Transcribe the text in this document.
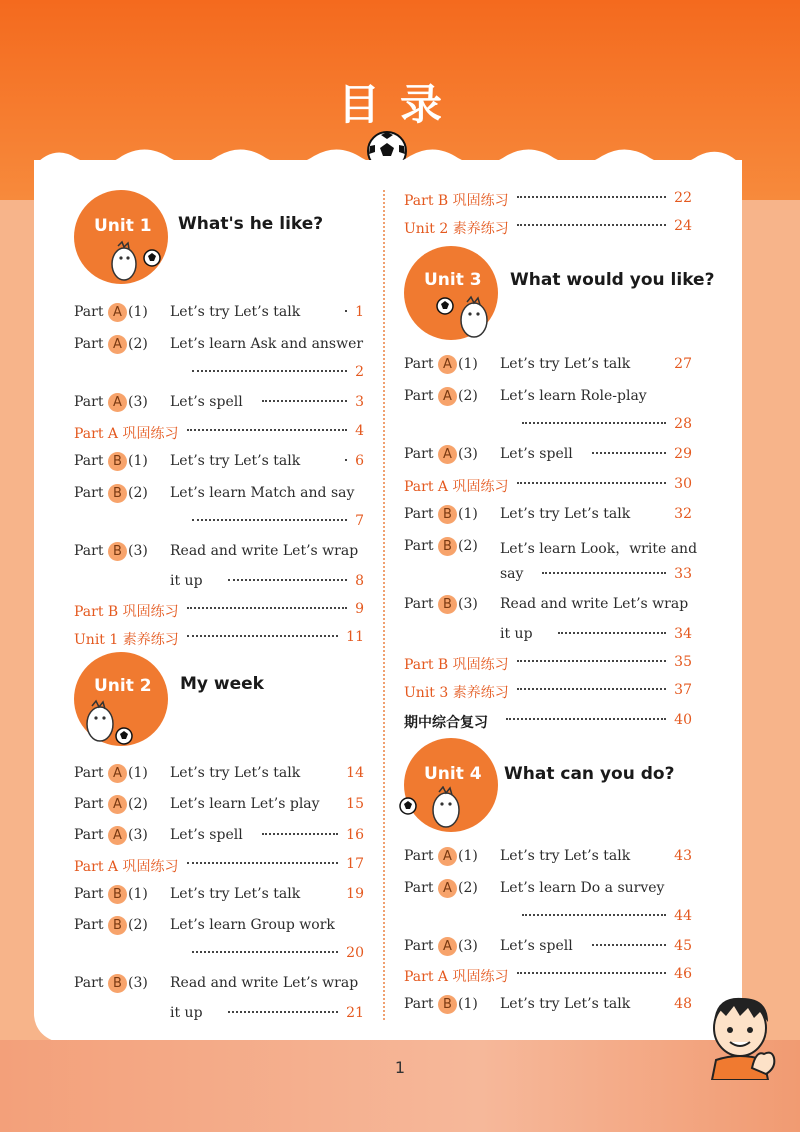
目录
Unit 1 What's he like?
Part A (1) Let’s try Let’s talk	1
Part A (2) Let’s learn Ask and answer
2
Part A (3) Let’s spell	3
Part A 巩固练习	4
Part B (1) Let’s try Let’s talk	6
Part B (2) Let’s learn Match and say
7
Part B (3) Read and write Let’s wrap
it up	8
Part B 巩固练习	9
Unit 1 素养练习	11
Unit 2 My week
Part A (1) Let’s try Let’s talk	14
Part A (2) Let’s learn Let’s play 15
Part A (3) Let’s spell	16
Part A 巩固练习	17
Part B (1) Let’s try Let’s talk	19
Part B (2) Let’s learn Group work
20
Part B (3) Read and write Let’s wrap
it up	21
Part B 巩固练习	22
Unit 2 素养练习	24
Unit 3 What would you like?
Part A (1) Let’s try Let’s talk	27
Part A (2) Let’s learn Role-play
28
Part A (3) Let’s spell	29
Part A 巩固练习	30
Part B (1) Let’s try Let’s talk	32
Part B (2) Let’s learn Look，write and
say	33
Part B (3) Read and write Let’s wrap
it up	34
Part B 巩固练习	35
Unit 3 素养练习	37
期中综合复习	40
Unit 4 What can you do?
Part A (1) Let’s try Let’s talk	43
Part A (2) Let’s learn Do a survey
44
Part A (3) Let’s spell	45
Part A 巩固练习	46
Part B (1) Let’s try Let’s talk	48
1
